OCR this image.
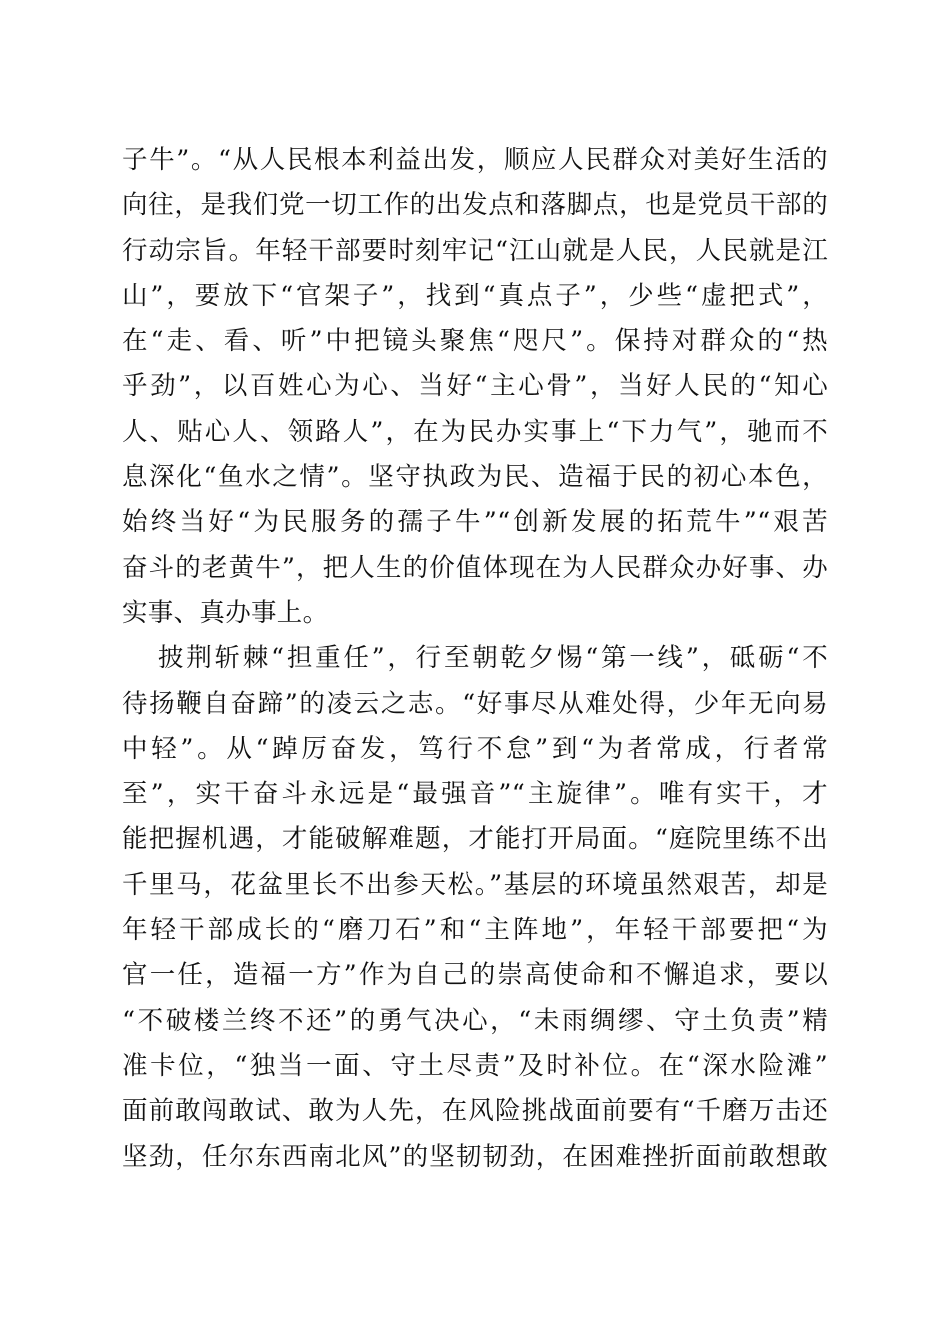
子牛”。“从人民根本利益出发，顺应人民群众对美好生活的
向往，是我们党一切工作的出发点和落脚点，也是党员干部的
行动宗旨。年轻干部要时刻牢记“江山就是人民，人民就是江
山”，要放下“官架子”，找到“真点子”，少些“虚把式”，
在“走、看、听”中把镜头聚焦“咫尺”。保持对群众的“热
乎劲”，以百姓心为心、当好“主心骨”，当好人民的“知心
人、贴心人、领路人”，在为民办实事上“下力气”，驰而不
息深化“鱼水之情”。坚守执政为民、造福于民的初心本色，
始终当好“为民服务的孺子牛”“创新发展的拓荒牛”“艰苦
奋斗的老黄牛”，把人生的价值体现在为人民群众办好事、办
实事、真办事上。
披荆斩棘“担重任”，行至朝乾夕惕“第一线”，砥砺“不
待扬鞭自奋蹄”的凌云之志。“好事尽从难处得，少年无向易
中轻”。从“踔厉奋发，笃行不怠”到“为者常成，行者常
至”，实干奋斗永远是“最强音”“主旋律”。唯有实干，才
能把握机遇，才能破解难题，才能打开局面。“庭院里练不出
千里马，花盆里长不出参天松。”基层的环境虽然艰苦，却是
年轻干部成长的“磨刀石”和“主阵地”，年轻干部要把“为
官一任，造福一方”作为自己的崇高使命和不懈追求，要以
“不破楼兰终不还”的勇气决心，“未雨绸缪、守土负责”精
准卡位，“独当一面、守土尽责”及时补位。在“深水险滩”
面前敢闯敢试、敢为人先，在风险挑战面前要有“千磨万击还
坚劲，任尔东西南北风”的坚韧韧劲，在困难挫折面前敢想敢
